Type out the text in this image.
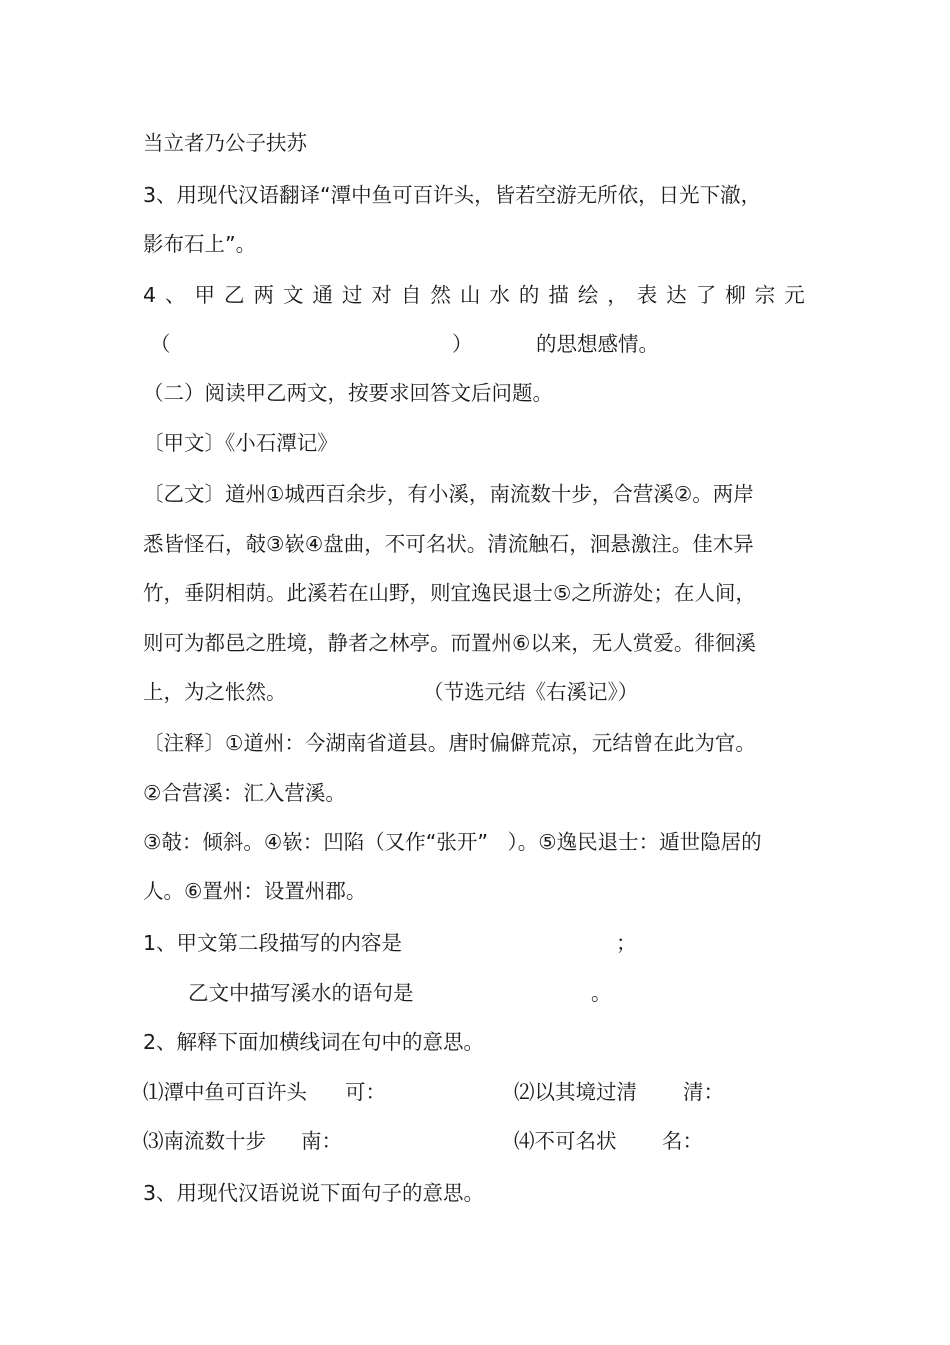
当立者乃公子扶苏
3、用现代汉语翻译“潭中鱼可百许头，皆若空游无所依，日光下澈，
影布石上”。
4 、 甲 乙 两 文 通 过 对 自 然 山 水 的 描 绘 ， 表 达 了 柳 宗 元
（	）	的思想感情。
（二）阅读甲乙两文，按要求回答文后问题。
〔甲文〕《小石潭记》
〔乙文〕道州①城西百余步，有小溪，南流数十步，合营溪②。两岸
悉皆怪石，攲③嵚④盘曲，不可名状。清流触石，洄悬激注。佳木异
竹，垂阴相荫。此溪若在山野，则宜逸民退士⑤之所游处；在人间，
则可为都邑之胜境，静者之林亭。而置州⑥以来，无人赏爱。徘徊溪
上，为之怅然。	（节选元结《右溪记》）
〔注释〕①道州：今湖南省道县。唐时偏僻荒凉，元结曾在此为官。
②合营溪：汇入营溪。
③攲：倾斜。④嵚：凹陷（又作“张开”   ）。⑤逸民退士：遁世隐居的
人。⑥置州：设置州郡。
1、甲文第二段描写的内容是	；
乙文中描写溪水的语句是	。
2、解释下面加横线词在句中的意思。
⑴潭中鱼可百许头 可：	⑵以其境过清 清：
⑶南流数十步 南：	⑷不可名状 名：
3、用现代汉语说说下面句子的意思。
